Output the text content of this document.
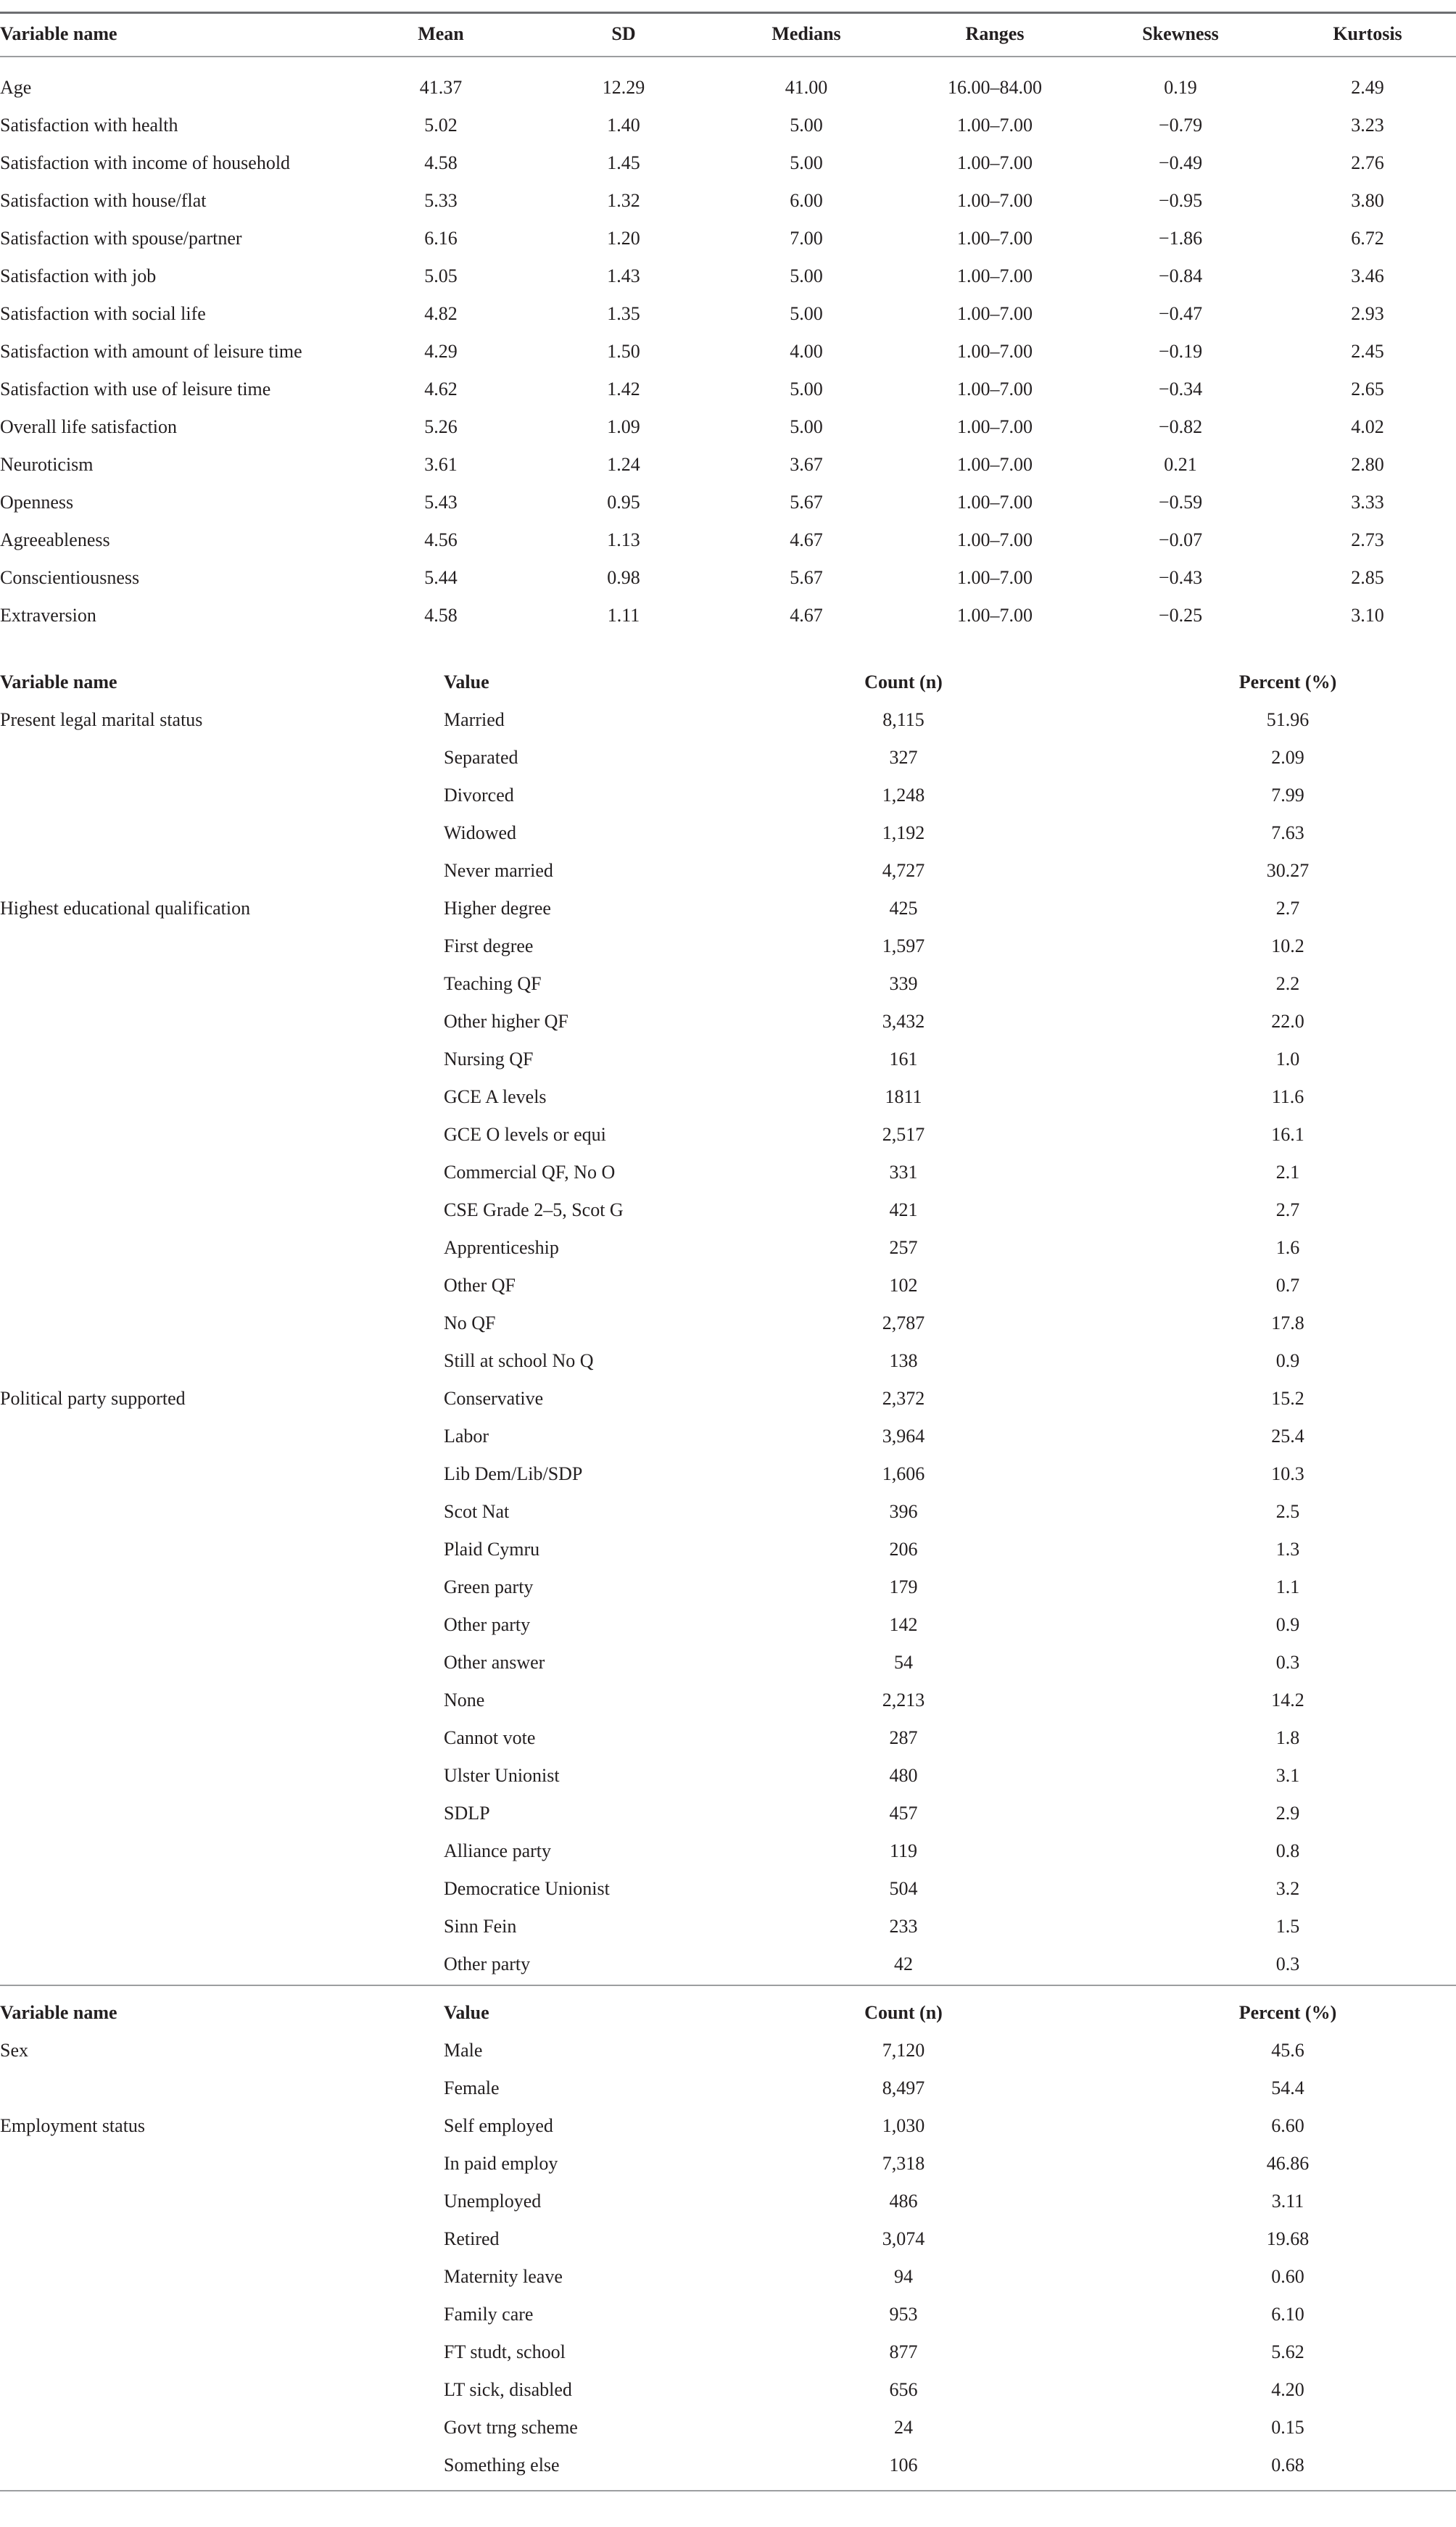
Variable name	Mean	SD	Medians	Ranges	Skewness	Kurtosis
Age	41.37	12.29	41.00	16.00–84.00	0.19	2.49
Satisfaction with health	5.02	1.40	5.00	1.00–7.00	−0.79	3.23
Satisfaction with income of household	4.58	1.45	5.00	1.00–7.00	−0.49	2.76
Satisfaction with house/flat	5.33	1.32	6.00	1.00–7.00	−0.95	3.80
Satisfaction with spouse/partner	6.16	1.20	7.00	1.00–7.00	−1.86	6.72
Satisfaction with job	5.05	1.43	5.00	1.00–7.00	−0.84	3.46
Satisfaction with social life	4.82	1.35	5.00	1.00–7.00	−0.47	2.93
Satisfaction with amount of leisure time	4.29	1.50	4.00	1.00–7.00	−0.19	2.45
Satisfaction with use of leisure time	4.62	1.42	5.00	1.00–7.00	−0.34	2.65
Overall life satisfaction	5.26	1.09	5.00	1.00–7.00	−0.82	4.02
Neuroticism	3.61	1.24	3.67	1.00–7.00	0.21	2.80
Openness	5.43	0.95	5.67	1.00–7.00	−0.59	3.33
Agreeableness	4.56	1.13	4.67	1.00–7.00	−0.07	2.73
Conscientiousness	5.44	0.98	5.67	1.00–7.00	−0.43	2.85
Extraversion	4.58	1.11	4.67	1.00–7.00	−0.25	3.10
Variable name	Value	Count (n)	Percent (%)
Present legal marital status	Married	8,115	51.96
Separated	327	2.09
Divorced	1,248	7.99
Widowed	1,192	7.63
Never married	4,727	30.27
Highest educational qualification	Higher degree	425	2.7
First degree	1,597	10.2
Teaching QF	339	2.2
Other higher QF	3,432	22.0
Nursing QF	161	1.0
GCE A levels	1811	11.6
GCE O levels or equi	2,517	16.1
Commercial QF, No O	331	2.1
CSE Grade 2–5, Scot G	421	2.7
Apprenticeship	257	1.6
Other QF	102	0.7
No QF	2,787	17.8
Still at school No Q	138	0.9
Political party supported	Conservative	2,372	15.2
Labor	3,964	25.4
Lib Dem/Lib/SDP	1,606	10.3
Scot Nat	396	2.5
Plaid Cymru	206	1.3
Green party	179	1.1
Other party	142	0.9
Other answer	54	0.3
None	2,213	14.2
Cannot vote	287	1.8
Ulster Unionist	480	3.1
SDLP	457	2.9
Alliance party	119	0.8
Democratice Unionist	504	3.2
Sinn Fein	233	1.5
Other party	42	0.3
Variable name	Value	Count (n)	Percent (%)
Sex	Male	7,120	45.6
Female	8,497	54.4
Employment status	Self employed	1,030	6.60
In paid employ	7,318	46.86
Unemployed	486	3.11
Retired	3,074	19.68
Maternity leave	94	0.60
Family care	953	6.10
FT studt, school	877	5.62
LT sick, disabled	656	4.20
Govt trng scheme	24	0.15
Something else	106	0.68
